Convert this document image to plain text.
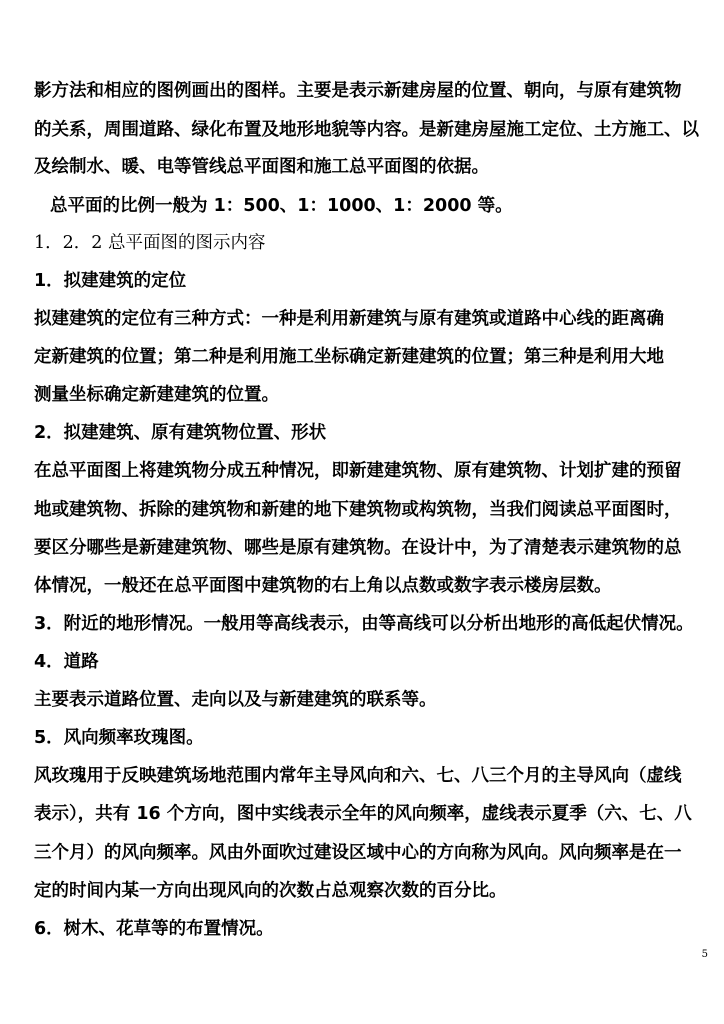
影方法和相应的图例画出的图样。主要是表示新建房屋的位置、朝向，与原有建筑物
的关系，周围道路、绿化布置及地形地貌等内容。是新建房屋施工定位、土方施工、以
及绘制水、暖、电等管线总平面图和施工总平面图的依据。
总平面的比例一般为 1：500、1：1000、1：2000 等。
1．2．2 总平面图的图示内容
1．拟建建筑的定位
拟建建筑的定位有三种方式：一种是利用新建筑与原有建筑或道路中心线的距离确
定新建筑的位置；第二种是利用施工坐标确定新建建筑的位置；第三种是利用大地
测量坐标确定新建建筑的位置。
2．拟建建筑、原有建筑物位置、形状
在总平面图上将建筑物分成五种情况，即新建建筑物、原有建筑物、计划扩建的预留
地或建筑物、拆除的建筑物和新建的地下建筑物或构筑物，当我们阅读总平面图时，
要区分哪些是新建建筑物、哪些是原有建筑物。在设计中，为了清楚表示建筑物的总
体情况，一般还在总平面图中建筑物的右上角以点数或数字表示楼房层数。
3．附近的地形情况。一般用等高线表示，由等高线可以分析出地形的高低起伏情况。
4．道路
主要表示道路位置、走向以及与新建建筑的联系等。
5．风向频率玫瑰图。
风玫瑰用于反映建筑场地范围内常年主导风向和六、七、八三个月的主导风向（虚线
表示），共有 16 个方向，图中实线表示全年的风向频率，虚线表示夏季（六、七、八
三个月）的风向频率。风由外面吹过建设区域中心的方向称为风向。风向频率是在一
定的时间内某一方向出现风向的次数占总观察次数的百分比。
6．树木、花草等的布置情况。
5
